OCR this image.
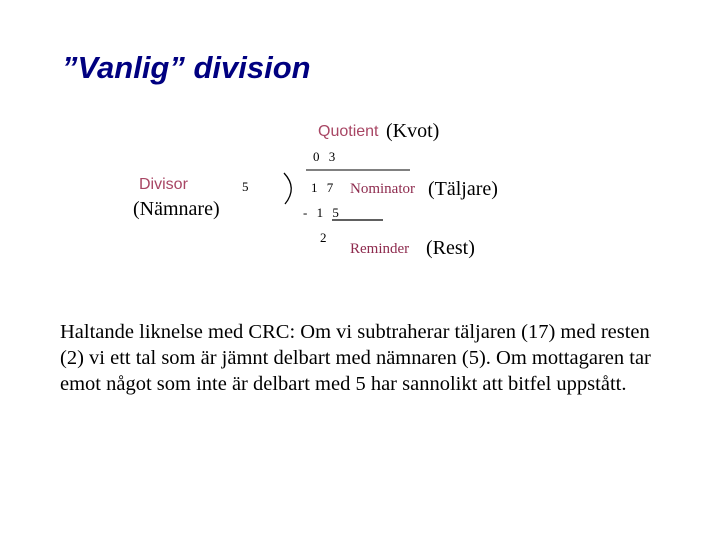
”Vanlig” division
Quotient (Kvot)
0 3
Divisor	5
(Nämnare)
1 7 Nominator (Täljare)
- 1 5
2
Reminder (Rest)
Haltande liknelse med CRC: Om vi subtraherar täljaren (17) med resten (2) vi ett tal som är jämnt delbart med nämnaren (5). Om mottagaren tar emot något som inte är delbart med 5 har sannolikt att bitfel uppstått.
